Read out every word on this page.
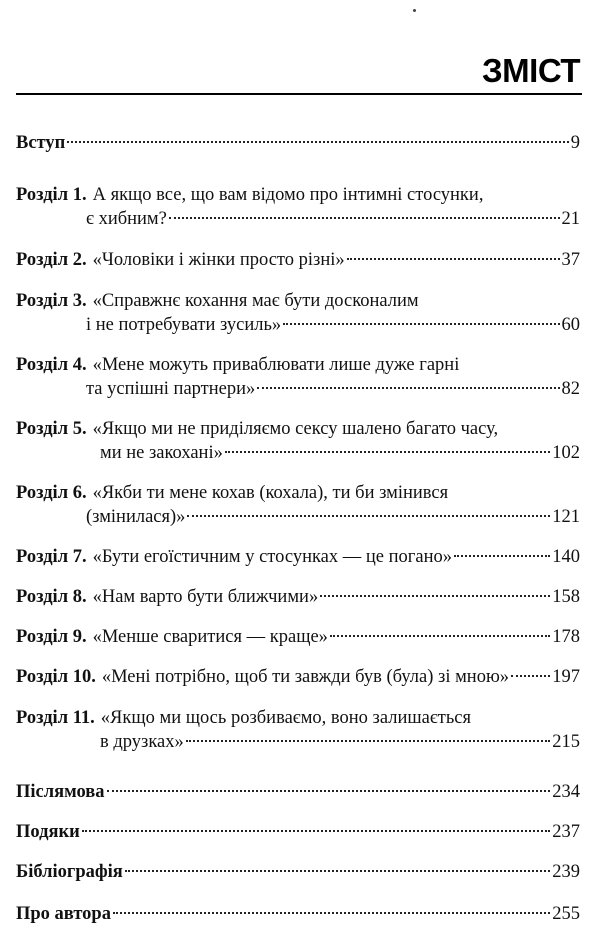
ЗМІСТ
Вступ	9
Розділ 1. А якщо все, що вам відомо про інтимні стосунки,
є хибним?	21
Розділ 2. «Чоловіки і жінки просто різні»	37
Розділ 3. «Справжнє кохання має бути досконалим
і не потребувати зусиль»	60
Розділ 4. «Мене можуть приваблювати лише дуже гарні
та успішні партнери»	82
Розділ 5. «Якщо ми не приділяємо сексу шалено багато часу,
ми не закохані»	102
Розділ 6. «Якби ти мене кохав (кохала), ти би змінився
(змінилася)»	121
Розділ 7. «Бути егоїстичним у стосунках — це погано»	140
Розділ 8. «Нам варто бути ближчими»	158
Розділ 9. «Менше сваритися — краще»	178
Розділ 10. «Мені потрібно, щоб ти завжди був (була) зі мною» 197
Розділ 11. «Якщо ми щось розбиваємо, воно залишається
в друзках»	215
Післямова	234
Подяки	237
Бібліографія	239
Про автора	255
